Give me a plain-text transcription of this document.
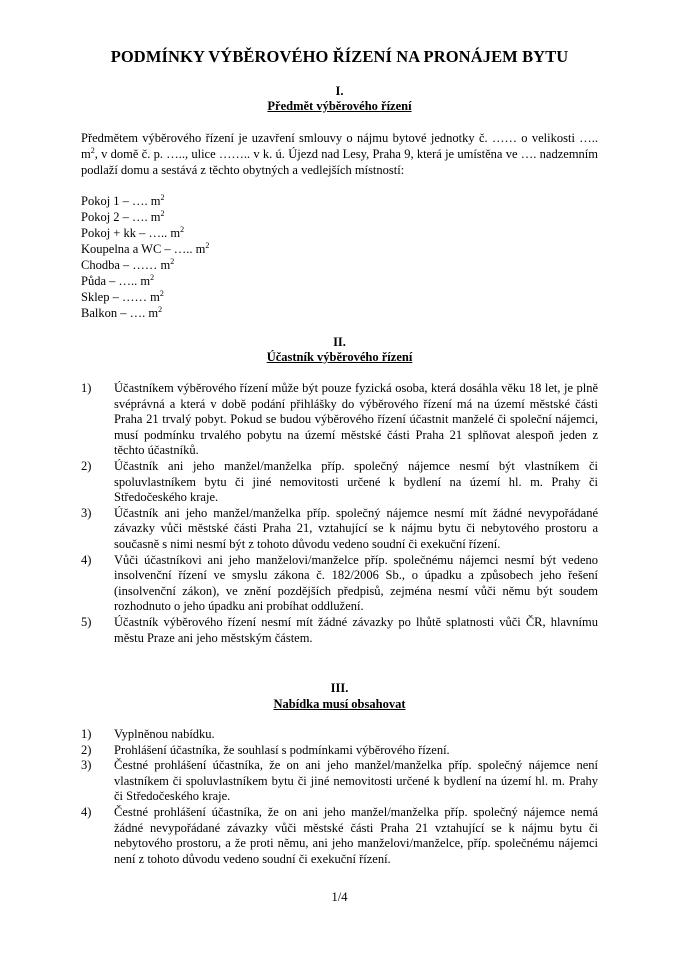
PODMÍNKY VÝBĚROVÉHO ŘÍZENÍ NA PRONÁJEM BYTU
I.
Předmět výběrového řízení
Předmětem výběrového řízení je uzavření smlouvy o nájmu bytové jednotky č. …… o velikosti ….. $m^2$, v domě č. p. ….., ulice …….. v k. ú. Újezd nad Lesy, Praha 9, která je umístěna ve …. nadzemním podlaží domu a sestává z těchto obytných a vedlejších místností:
Pokoj 1 – …. $m^2$
Pokoj 2 – …. $m^2$
Pokoj + kk – ….. $m^2$
Koupelna a WC – ….. $m^2$
Chodba – …… $m^2$
Půda – ….. $m^2$
Sklep – …… $m^2$
Balkon – …. $m^2$
II.
Účastník výběrového řízení
1) Účastníkem výběrového řízení může být pouze fyzická osoba, která dosáhla věku 18 let, je plně svéprávná a která v době podání přihlášky do výběrového řízení má na území městské části Praha 21 trvalý pobyt. Pokud se budou výběrového řízení účastnit manželé či společní nájemci, musí podmínku trvalého pobytu na území městské části Praha 21 splňovat alespoň jeden z těchto účastníků.
2) Účastník ani jeho manžel/manželka příp. společný nájemce nesmí být vlastníkem či spoluvlastníkem bytu či jiné nemovitosti určené k bydlení na území hl. m. Prahy či Středočeského kraje.
3) Účastník ani jeho manžel/manželka příp. společný nájemce nesmí mít žádné nevypořádané závazky vůči městské části Praha 21, vztahující se k nájmu bytu či nebytového prostoru a současně s nimi nesmí být z tohoto důvodu vedeno soudní či exekuční řízení.
4) Vůči účastníkovi ani jeho manželovi/manželce příp. společnému nájemci nesmí být vedeno insolvenční řízení ve smyslu zákona č. 182/2006 Sb., o úpadku a způsobech jeho řešení (insolvenční zákon), ve znění pozdějších předpisů, zejména nesmí vůči němu být soudem rozhodnuto o jeho úpadku ani probíhat oddlužení.
5) Účastník výběrového řízení nesmí mít žádné závazky po lhůtě splatnosti vůči ČR, hlavnímu městu Praze ani jeho městským částem.
III.
Nabídka musí obsahovat
1) Vyplněnou nabídku.
2) Prohlášení účastníka, že souhlasí s podmínkami výběrového řízení.
3) Čestné prohlášení účastníka, že on ani jeho manžel/manželka příp. společný nájemce není vlastníkem či spoluvlastníkem bytu či jiné nemovitosti určené k bydlení na území hl. m. Prahy či Středočeského kraje.
4) Čestné prohlášení účastníka, že on ani jeho manžel/manželka příp. společný nájemce nemá žádné nevypořádané závazky vůči městské části Praha 21 vztahující se k nájmu bytu či nebytového prostoru, a že proti němu, ani jeho manželovi/manželce, příp. společnému nájemci není z tohoto důvodu vedeno soudní či exekuční řízení.
1/4
